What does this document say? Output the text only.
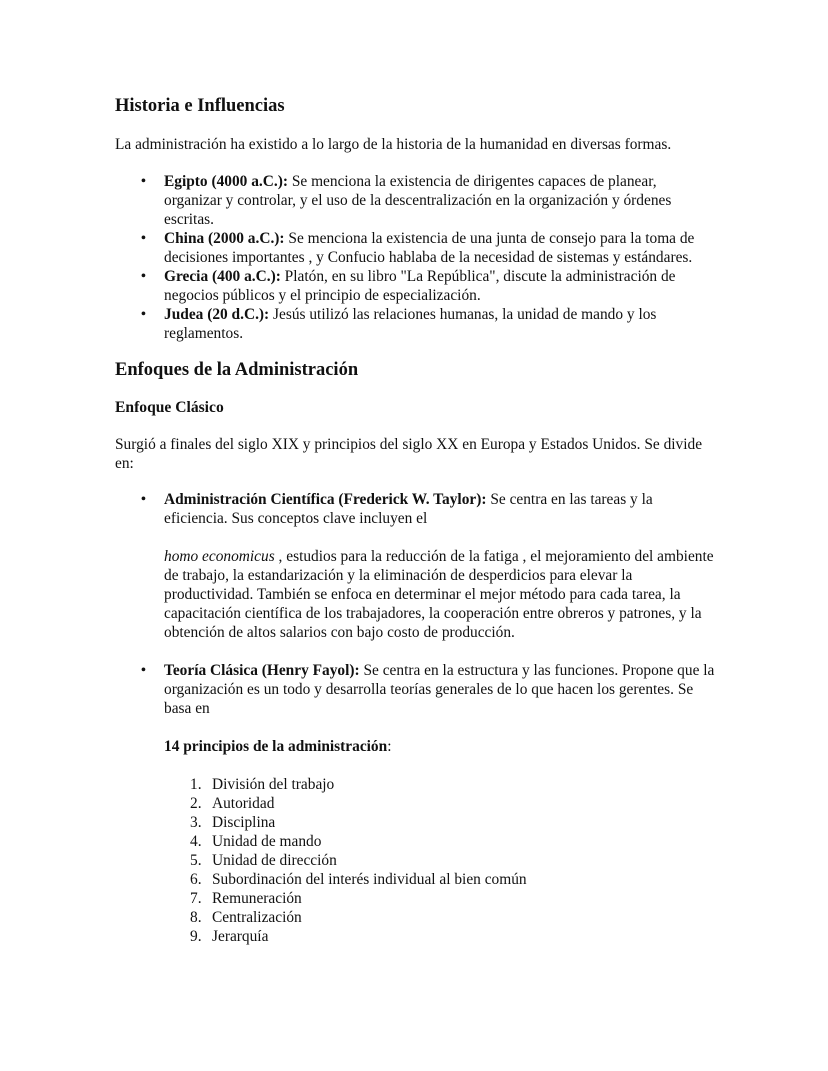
Historia e Influencias

La administración ha existido a lo largo de la historia de la humanidad en diversas formas.

• Egipto (4000 a.C.): Se menciona la existencia de dirigentes capaces de planear, organizar y controlar, y el uso de la descentralización en la organización y órdenes escritas.
• China (2000 a.C.): Se menciona la existencia de una junta de consejo para la toma de decisiones importantes , y Confucio hablaba de la necesidad de sistemas y estándares.
• Grecia (400 a.C.): Platón, en su libro "La República", discute la administración de negocios públicos y el principio de especialización.
• Judea (20 d.C.): Jesús utilizó las relaciones humanas, la unidad de mando y los reglamentos.
Enfoques de la Administración
Enfoque Clásico

Surgió a finales del siglo XIX y principios del siglo XX en Europa y Estados Unidos. Se divide en:

• Administración Científica (Frederick W. Taylor): Se centra en las tareas y la eficiencia. Sus conceptos clave incluyen el
homo economicus , estudios para la reducción de la fatiga , el mejoramiento del ambiente de trabajo, la estandarización y la eliminación de desperdicios para elevar la productividad. También se enfoca en determinar el mejor método para cada tarea, la capacitación científica de los trabajadores, la cooperación entre obreros y patrones, y la obtención de altos salarios con bajo costo de producción.
• Teoría Clásica (Henry Fayol): Se centra en la estructura y las funciones. Propone que la organización es un todo y desarrolla teorías generales de lo que hacen los gerentes. Se basa en
14 principios de la administración:
1. División del trabajo
2. Autoridad
3. Disciplina
4. Unidad de mando
5. Unidad de dirección
6. Subordinación del interés individual al bien común
7. Remuneración
8. Centralización
9. Jerarquía
